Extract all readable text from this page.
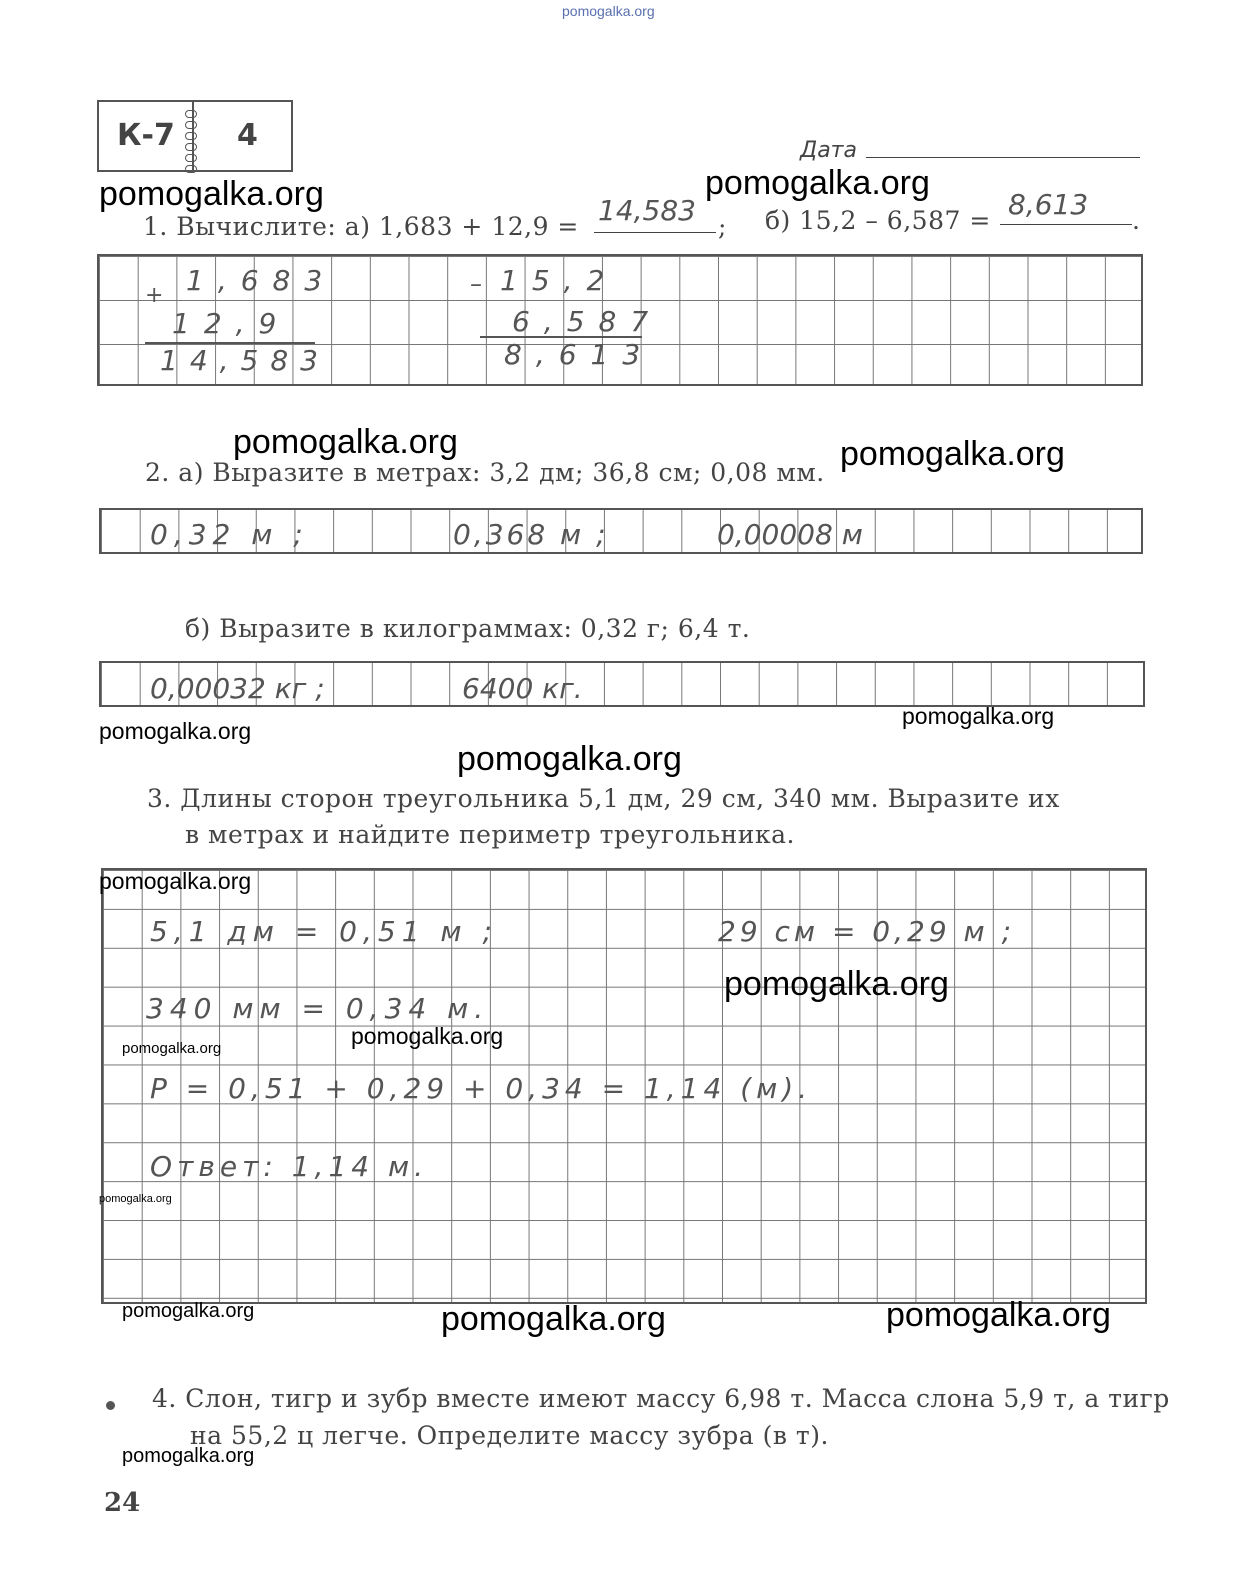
pomogalka.org
К-7 4	Дата
pomogalka.org	pomogalka.org
1. Вычислите: а) 1,683 + 12,9 = 14,583 ; б) 15,2 – 6,587 = 8,613 .
+ 1,683
12,9
14,583
– 15,2
6,587
8,613
pomogalka.org	pomogalka.org
2. а) Выразите в метрах: 3,2 дм; 36,8 см; 0,08 мм.
0,32 м ;	0,368 м ;	0,00008 м
б) Выразите в килограммах: 0,32 г; 6,4 т.
0,00032 кг ;	6400 кг.
pomogalka.org
pomogalka.org
pomogalka.org
3. Длины сторон треугольника 5,1 дм, 29 см, 340 мм. Выразите их
в метрах и найдите периметр треугольника.
pomogalka.org
5,1 дм = 0,51 м ;	29 см = 0,29 м ;
pomogalka.org
340 мм = 0,34 м.
pomogalka.org	pomogalka.org
P = 0,51 + 0,29 + 0,34 = 1,14 (м).
Ответ: 1,14 м.
pomogalka.org
pomogalka.org	pomogalka.org	pomogalka.org
4. Слон, тигр и зубр вместе имеют массу 6,98 т. Масса слона 5,9 т, а тигр
на 55,2 ц легче. Определите массу зубра (в т).
pomogalka.org
24
